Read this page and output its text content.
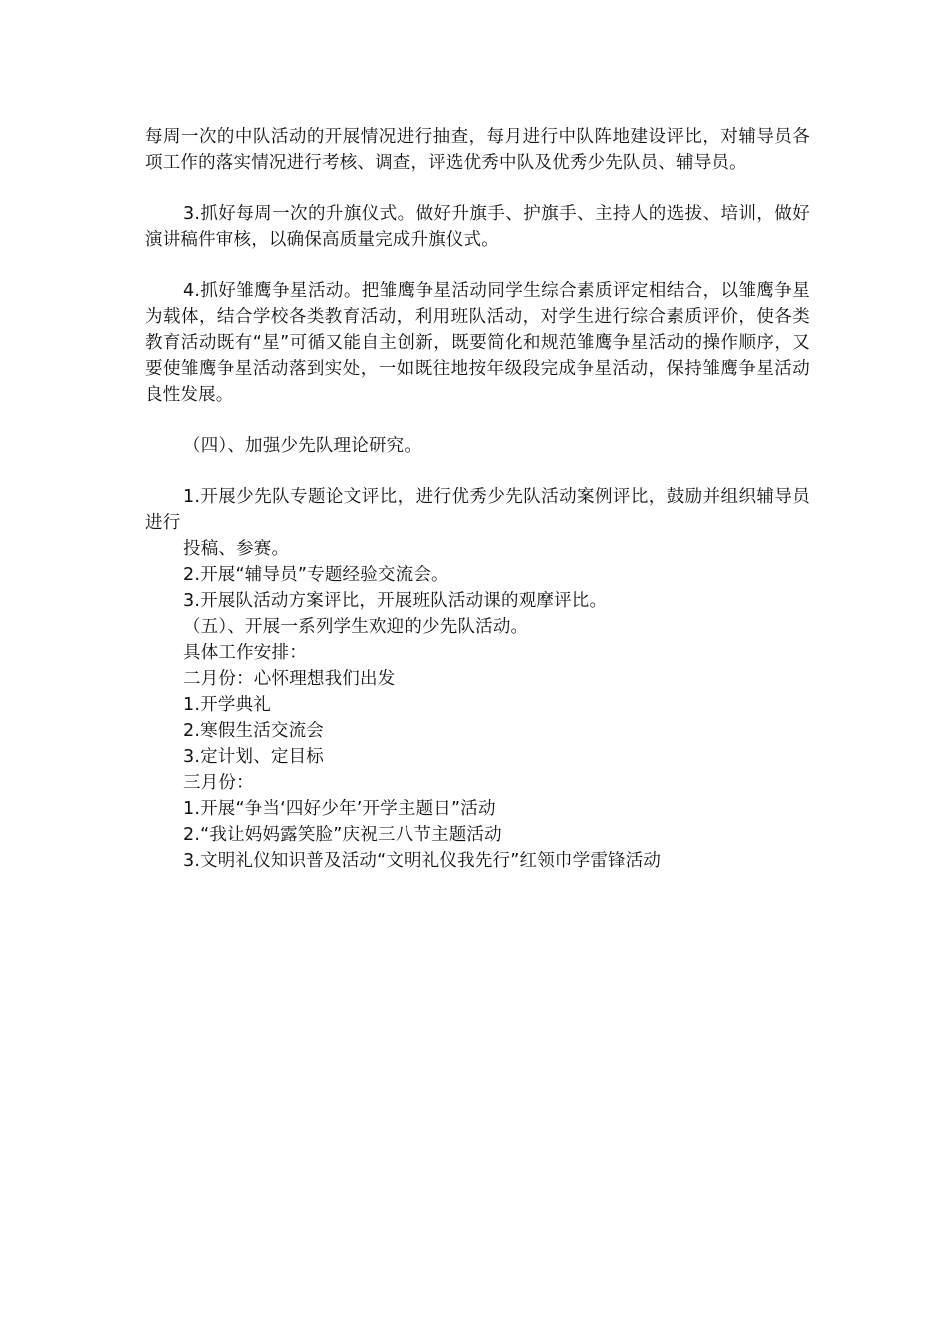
每周一次的中队活动的开展情况进行抽查，每月进行中队阵地建设评比，对辅导员各项工作的落实情况进行考核、调查，评选优秀中队及优秀少先队员、辅导员。

3.抓好每周一次的升旗仪式。做好升旗手、护旗手、主持人的选拔、培训，做好演讲稿件审核，以确保高质量完成升旗仪式。

4.抓好雏鹰争星活动。把雏鹰争星活动同学生综合素质评定相结合，以雏鹰争星为载体，结合学校各类教育活动，利用班队活动，对学生进行综合素质评价，使各类教育活动既有“星”可循又能自主创新，既要简化和规范雏鹰争星活动的操作顺序，又要使雏鹰争星活动落到实处，一如既往地按年级段完成争星活动，保持雏鹰争星活动良性发展。

（四）、加强少先队理论研究。

1.开展少先队专题论文评比，进行优秀少先队活动案例评比，鼓励并组织辅导员进行

投稿、参赛。

2.开展“辅导员”专题经验交流会。

3.开展队活动方案评比，开展班队活动课的观摩评比。

（五）、开展一系列学生欢迎的少先队活动。

具体工作安排：

二月份：心怀理想我们出发

1.开学典礼

2.寒假生活交流会

3.定计划、定目标

三月份：

1.开展“争当‘四好少年’开学主题日”活动

2.“我让妈妈露笑脸”庆祝三八节主题活动

3.文明礼仪知识普及活动“文明礼仪我先行”红领巾学雷锋活动
